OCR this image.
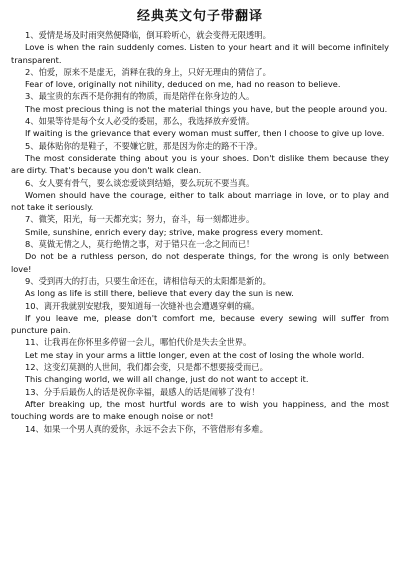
经典英文句子带翻译

1、爱情是场及时雨突然便降临，倒耳聆听心，就会变得无限透明。

Love is when the rain suddenly comes. Listen to your heart and it will become infinitely transparent.

2、怕爱，原来不是虚无，消释在我的身上，只好无理由的猜信了。

Fear of love, originally not nihility, deduced on me, had no reason to believe.

3、最宝贵的东西不是你拥有的物质，而是陪伴在你身边的人。

The most precious thing is not the material things you have, but the people around you.

4、如果等待是每个女人必受的委屈，那么，我选择放弃爱情。

If waiting is the grievance that every woman must suffer, then I choose to give up love.

5、最体贴你的是鞋子，不要嫌它脏，那是因为你走的路不干净。

The most considerate thing about you is your shoes. Don't dislike them because they are dirty. That's because you don't walk clean.

6、女人要有骨气，要么谈恋爱谈到结婚，要么玩玩不要当真。

Women should have the courage, either to talk about marriage in love, or to play and not take it seriously.

7、微笑，阳光，每一天都充实；努力，奋斗，每一刻都进步。

Smile, sunshine, enrich every day; strive, make progress every moment.

8、莫做无情之人，莫行绝情之事，对于错只在一念之间而已！

Do not be a ruthless person, do not desperate things, for the wrong is only between love!

9、受到再大的打击，只要生命还在，请相信每天的太阳都是新的。

As long as life is still there, believe that every day the sun is new.

10、离开我就别安慰我，要知道每一次缝补也会遭遇穿刺的痛。

If you leave me, please don't comfort me, because every sewing will suffer from puncture pain.

11、让我再在你怀里多停留一会儿，哪怕代价是失去全世界。

Let me stay in your arms a little longer, even at the cost of losing the whole world.

12、这变幻莫测的人世间，我们都会变，只是都不想要接受而已。

This changing world, we will all change, just do not want to accept it.

13、分手后最伤人的话是祝你幸福，最感人的话是闹够了没有！

After breaking up, the most hurtful words are to wish you happiness, and the most touching words are to make enough noise or not!

14、如果一个男人真的爱你，永远不会去下你，不管借形有多难。
